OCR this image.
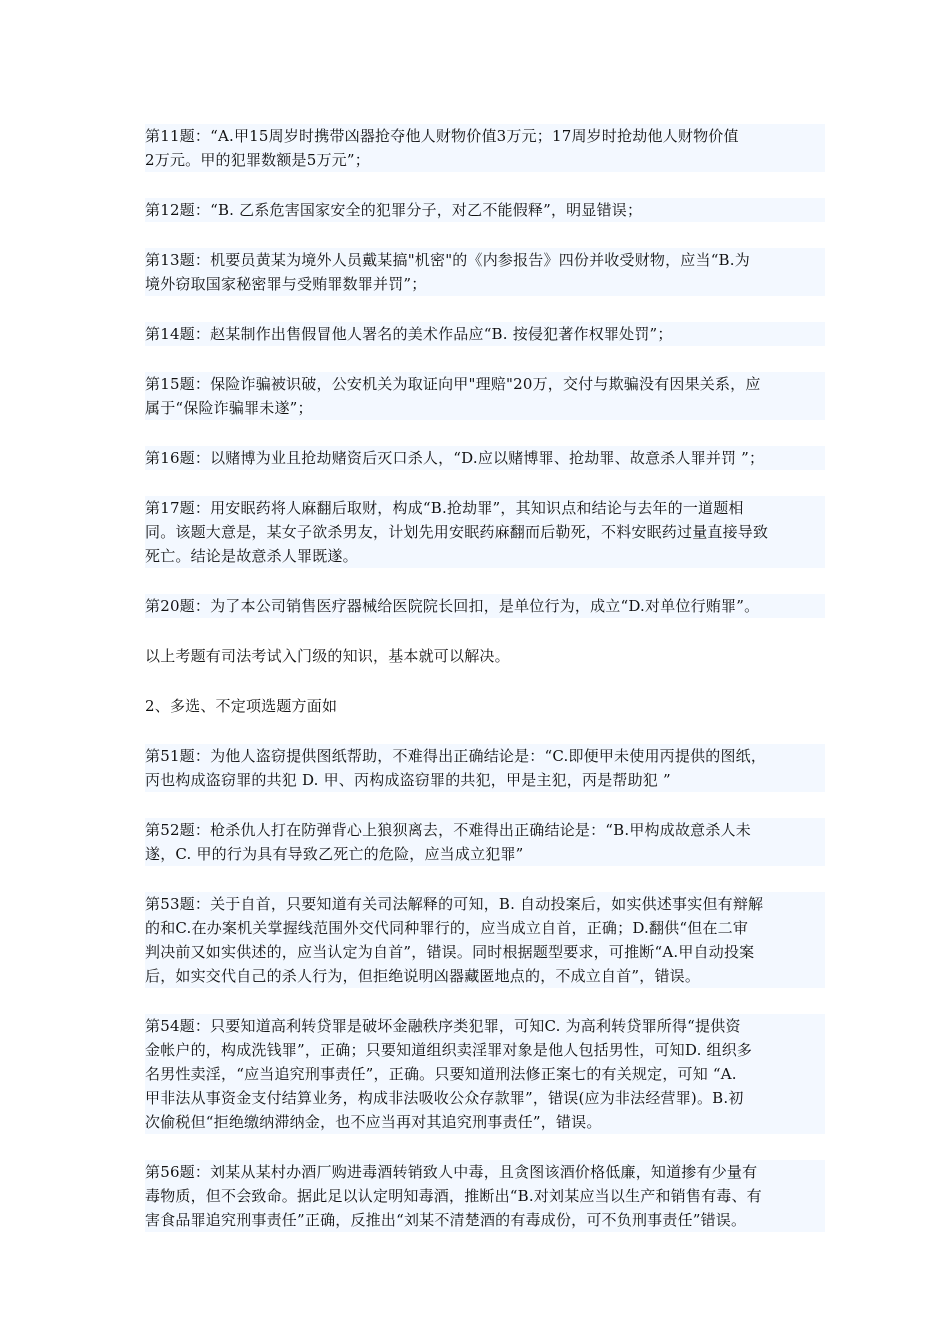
第11题：“A.甲15周岁时携带凶器抢夺他人财物价值3万元；17周岁时抢劫他人财物价值
2万元。甲的犯罪数额是5万元”；
第12题：“B. 乙系危害国家安全的犯罪分子，对乙不能假释”，明显错误；
第13题：机要员黄某为境外人员戴某搞"机密"的《内参报告》四份并收受财物，应当“B.为
境外窃取国家秘密罪与受贿罪数罪并罚”；
第14题：赵某制作出售假冒他人署名的美术作品应“B. 按侵犯著作权罪处罚”；
第15题：保险诈骗被识破，公安机关为取证向甲"理赔"20万，交付与欺骗没有因果关系，应
属于“保险诈骗罪未遂”；
第16题：以赌博为业且抢劫赌资后灭口杀人，“D.应以赌博罪、抢劫罪、故意杀人罪并罚 ”；
第17题：用安眠药将人麻翻后取财，构成“B.抢劫罪”，其知识点和结论与去年的一道题相
同。该题大意是，某女子欲杀男友，计划先用安眠药麻翻而后勒死，不料安眠药过量直接导致
死亡。结论是故意杀人罪既遂。
第20题：为了本公司销售医疗器械给医院院长回扣，是单位行为，成立“D.对单位行贿罪”。
以上考题有司法考试入门级的知识，基本就可以解决。
2、多选、不定项选题方面如
第51题：为他人盗窃提供图纸帮助，不难得出正确结论是：“C.即便甲未使用丙提供的图纸，
丙也构成盗窃罪的共犯 D. 甲、丙构成盗窃罪的共犯，甲是主犯，丙是帮助犯 ”
第52题：枪杀仇人打在防弹背心上狼狈离去，不难得出正确结论是：“B.甲构成故意杀人未
遂，C. 甲的行为具有导致乙死亡的危险，应当成立犯罪”
第53题：关于自首，只要知道有关司法解释的可知，B. 自动投案后，如实供述事实但有辩解
的和C.在办案机关掌握线范围外交代同种罪行的，应当成立自首，正确；D.翻供“但在二审
判决前又如实供述的，应当认定为自首”，错误。同时根据题型要求，可推断“A.甲自动投案
后，如实交代自己的杀人行为，但拒绝说明凶器藏匿地点的，不成立自首”，错误。
第54题：只要知道高利转贷罪是破坏金融秩序类犯罪，可知C. 为高利转贷罪所得“提供资
金帐户的，构成洗钱罪”，正确；只要知道组织卖淫罪对象是他人包括男性，可知D. 组织多
名男性卖淫，“应当追究刑事责任”，正确。只要知道刑法修正案七的有关规定，可知 “A.
甲非法从事资金支付结算业务，构成非法吸收公众存款罪”，错误(应为非法经营罪)。B.初
次偷税但“拒绝缴纳滞纳金，也不应当再对其追究刑事责任”，错误。
第56题：刘某从某村办酒厂购进毒酒转销致人中毒，且贪图该酒价格低廉，知道掺有少量有
毒物质，但不会致命。据此足以认定明知毒酒，推断出“B.对刘某应当以生产和销售有毒、有
害食品罪追究刑事责任”正确，反推出“刘某不清楚酒的有毒成份，可不负刑事责任”错误。
